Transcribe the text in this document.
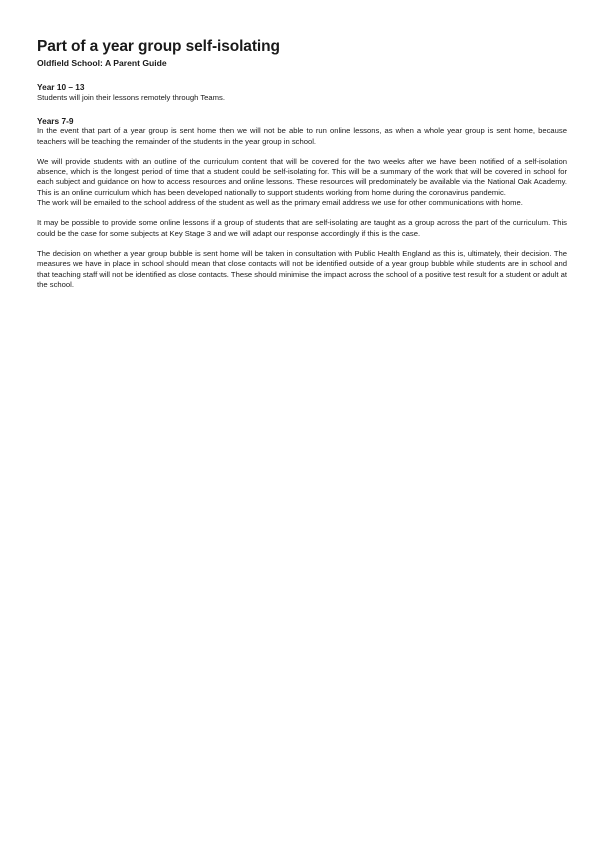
Part of a year group self-isolating
Oldfield School: A Parent Guide
Year 10 – 13

Students will join their lessons remotely through Teams.

Years 7-9

In the event that part of a year group is sent home then we will not be able to run online lessons, as when a whole year group is sent home, because teachers will be teaching the remainder of the students in the year group in school.

We will provide students with an outline of the curriculum content that will be covered for the two weeks after we have been notified of a self-isolation absence, which is the longest period of time that a student could be self-isolating for. This will be a summary of the work that will be covered in school for each subject and guidance on how to access resources and online lessons. These resources will predominately be available via the National Oak Academy. This is an online curriculum which has been developed nationally to support students working from home during the coronavirus pandemic.

The work will be emailed to the school address of the student as well as the primary email address we use for other communications with home.

It may be possible to provide some online lessons if a group of students that are self-isolating are taught as a group across the part of the curriculum. This could be the case for some subjects at Key Stage 3 and we will adapt our response accordingly if this is the case.

The decision on whether a year group bubble is sent home will be taken in consultation with Public Health England as this is, ultimately, their decision. The measures we have in place in school should mean that close contacts will not be identified outside of a year group bubble while students are in school and that teaching staff will not be identified as close contacts. These should minimise the impact across the school of a positive test result for a student or adult at the school.
